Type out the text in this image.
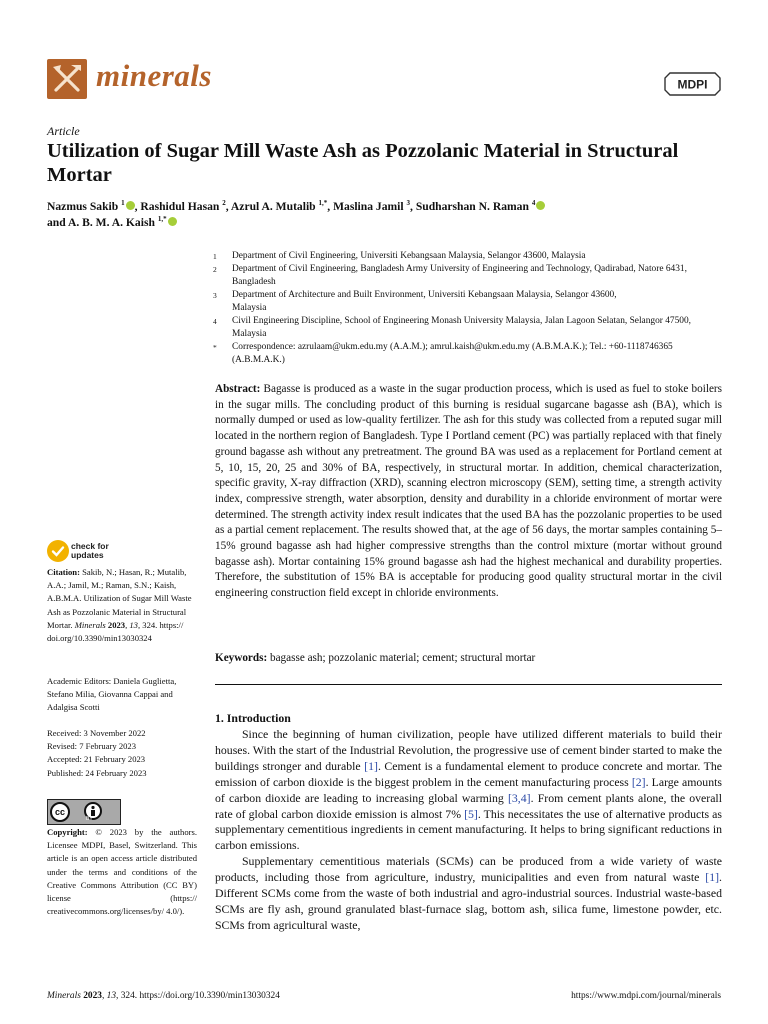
minerals	MDPI
Article
Utilization of Sugar Mill Waste Ash as Pozzolanic Material in Structural Mortar
Nazmus Sakib $^1$ , Rashidul Hasan $^2$, Azrul A. Mutalib $^{1,*}$, Maslina Jamil $^3$, Sudharshan N. Raman $^4$
and A. B. M. A. Kaish $^{1,*}$
1	Department of Civil Engineering, Universiti Kebangsaan Malaysia, Selangor 43600, Malaysia
2	Department of Civil Engineering, Bangladesh Army University of Engineering and Technology, Qadirabad, Natore 6431, Bangladesh
3	Department of Architecture and Built Environment, Universiti Kebangsaan Malaysia, Selangor 43600, Malaysia
4	Civil Engineering Discipline, School of Engineering Monash University Malaysia, Jalan Lagoon Selatan, Selangor 47500, Malaysia
*	Correspondence: azrulaam@ukm.edu.my (A.A.M.); amrul.kaish@ukm.edu.my (A.B.M.A.K.); Tel.: +60-1118746365 (A.B.M.A.K.)
Abstract: Bagasse is produced as a waste in the sugar production process, which is used as fuel to stoke boilers in the sugar mills. The concluding product of this burning is residual sugarcane bagasse ash (BA), which is normally dumped or used as low-quality fertilizer. The ash for this study was collected from a reputed sugar mill located in the northern region of Bangladesh. Type I Portland cement (PC) was partially replaced with that finely ground bagasse ash without any pretreatment. The ground BA was used as a replacement for Portland cement at 5, 10, 15, 20, 25 and 30% of BA, respectively, in structural mortar. In addition, chemical characterization, specific gravity, X-ray diffraction (XRD), scanning electron microscopy (SEM), setting time, a strength activity index, compressive strength, water absorption, density and durability in a chloride environment of mortar were determined. The strength activity index result indicates that the used BA has the pozzolanic properties to be used as a partial cement replacement. The results showed that, at the age of 56 days, the mortar samples containing 5–15% ground bagasse ash had higher compressive strengths than the control mixture (mortar without ground bagasse ash). Mortar containing 15% ground bagasse ash had the highest mechanical and durability properties. Therefore, the substitution of 15% BA is acceptable for producing good quality structural mortar in the civil engineering construction field except in chloride environments.
Keywords: bagasse ash; pozzolanic material; cement; structural mortar
check for
updates
Citation: Sakib, N.; Hasan, R.; Mutalib, A.A.; Jamil, M.; Raman, S.N.; Kaish, A.B.M.A. Utilization of Sugar Mill Waste Ash as Pozzolanic Material in Structural Mortar. Minerals 2023, 13, 324. https:// doi.org/10.3390/min13030324
Academic Editors: Daniela Guglietta, Stefano Milia, Giovanna Cappai and Adalgisa Scotti
Received: 3 November 2022
Revised: 7 February 2023
Accepted: 21 February 2023
Published: 24 February 2023
cc
BY
Copyright: © 2023 by the authors. Licensee MDPI, Basel, Switzerland. This article is an open access article distributed under the terms and conditions of the Creative Commons Attribution (CC BY) license (https:// creativecommons.org/licenses/by/ 4.0/).
1. Introduction

Since the beginning of human civilization, people have utilized different materials to build their houses. With the start of the Industrial Revolution, the progressive use of cement binder started to make the buildings stronger and durable [1]. Cement is a fundamental element to produce concrete and mortar. The emission of carbon dioxide is the biggest problem in the cement manufacturing process [2]. Large amounts of carbon dioxide are leading to increasing global warming [3,4]. From cement plants alone, the overall rate of global carbon dioxide emission is almost 7% [5]. This necessitates the use of alternative products as supplementary cementitious ingredients in cement manufacturing. It helps to bring significant reductions in carbon emissions.

Supplementary cementitious materials (SCMs) can be produced from a wide variety of waste products, including those from agriculture, industry, municipalities and even from natural waste [1]. Different SCMs come from the waste of both industrial and agro-industrial sources. Industrial waste-based SCMs are fly ash, ground granulated blast-furnace slag, bottom ash, silica fume, limestone powder, etc. SCMs from agricultural waste,

Minerals 2023, 13, 324. https://doi.org/10.3390/min13030324	https://www.mdpi.com/journal/minerals
